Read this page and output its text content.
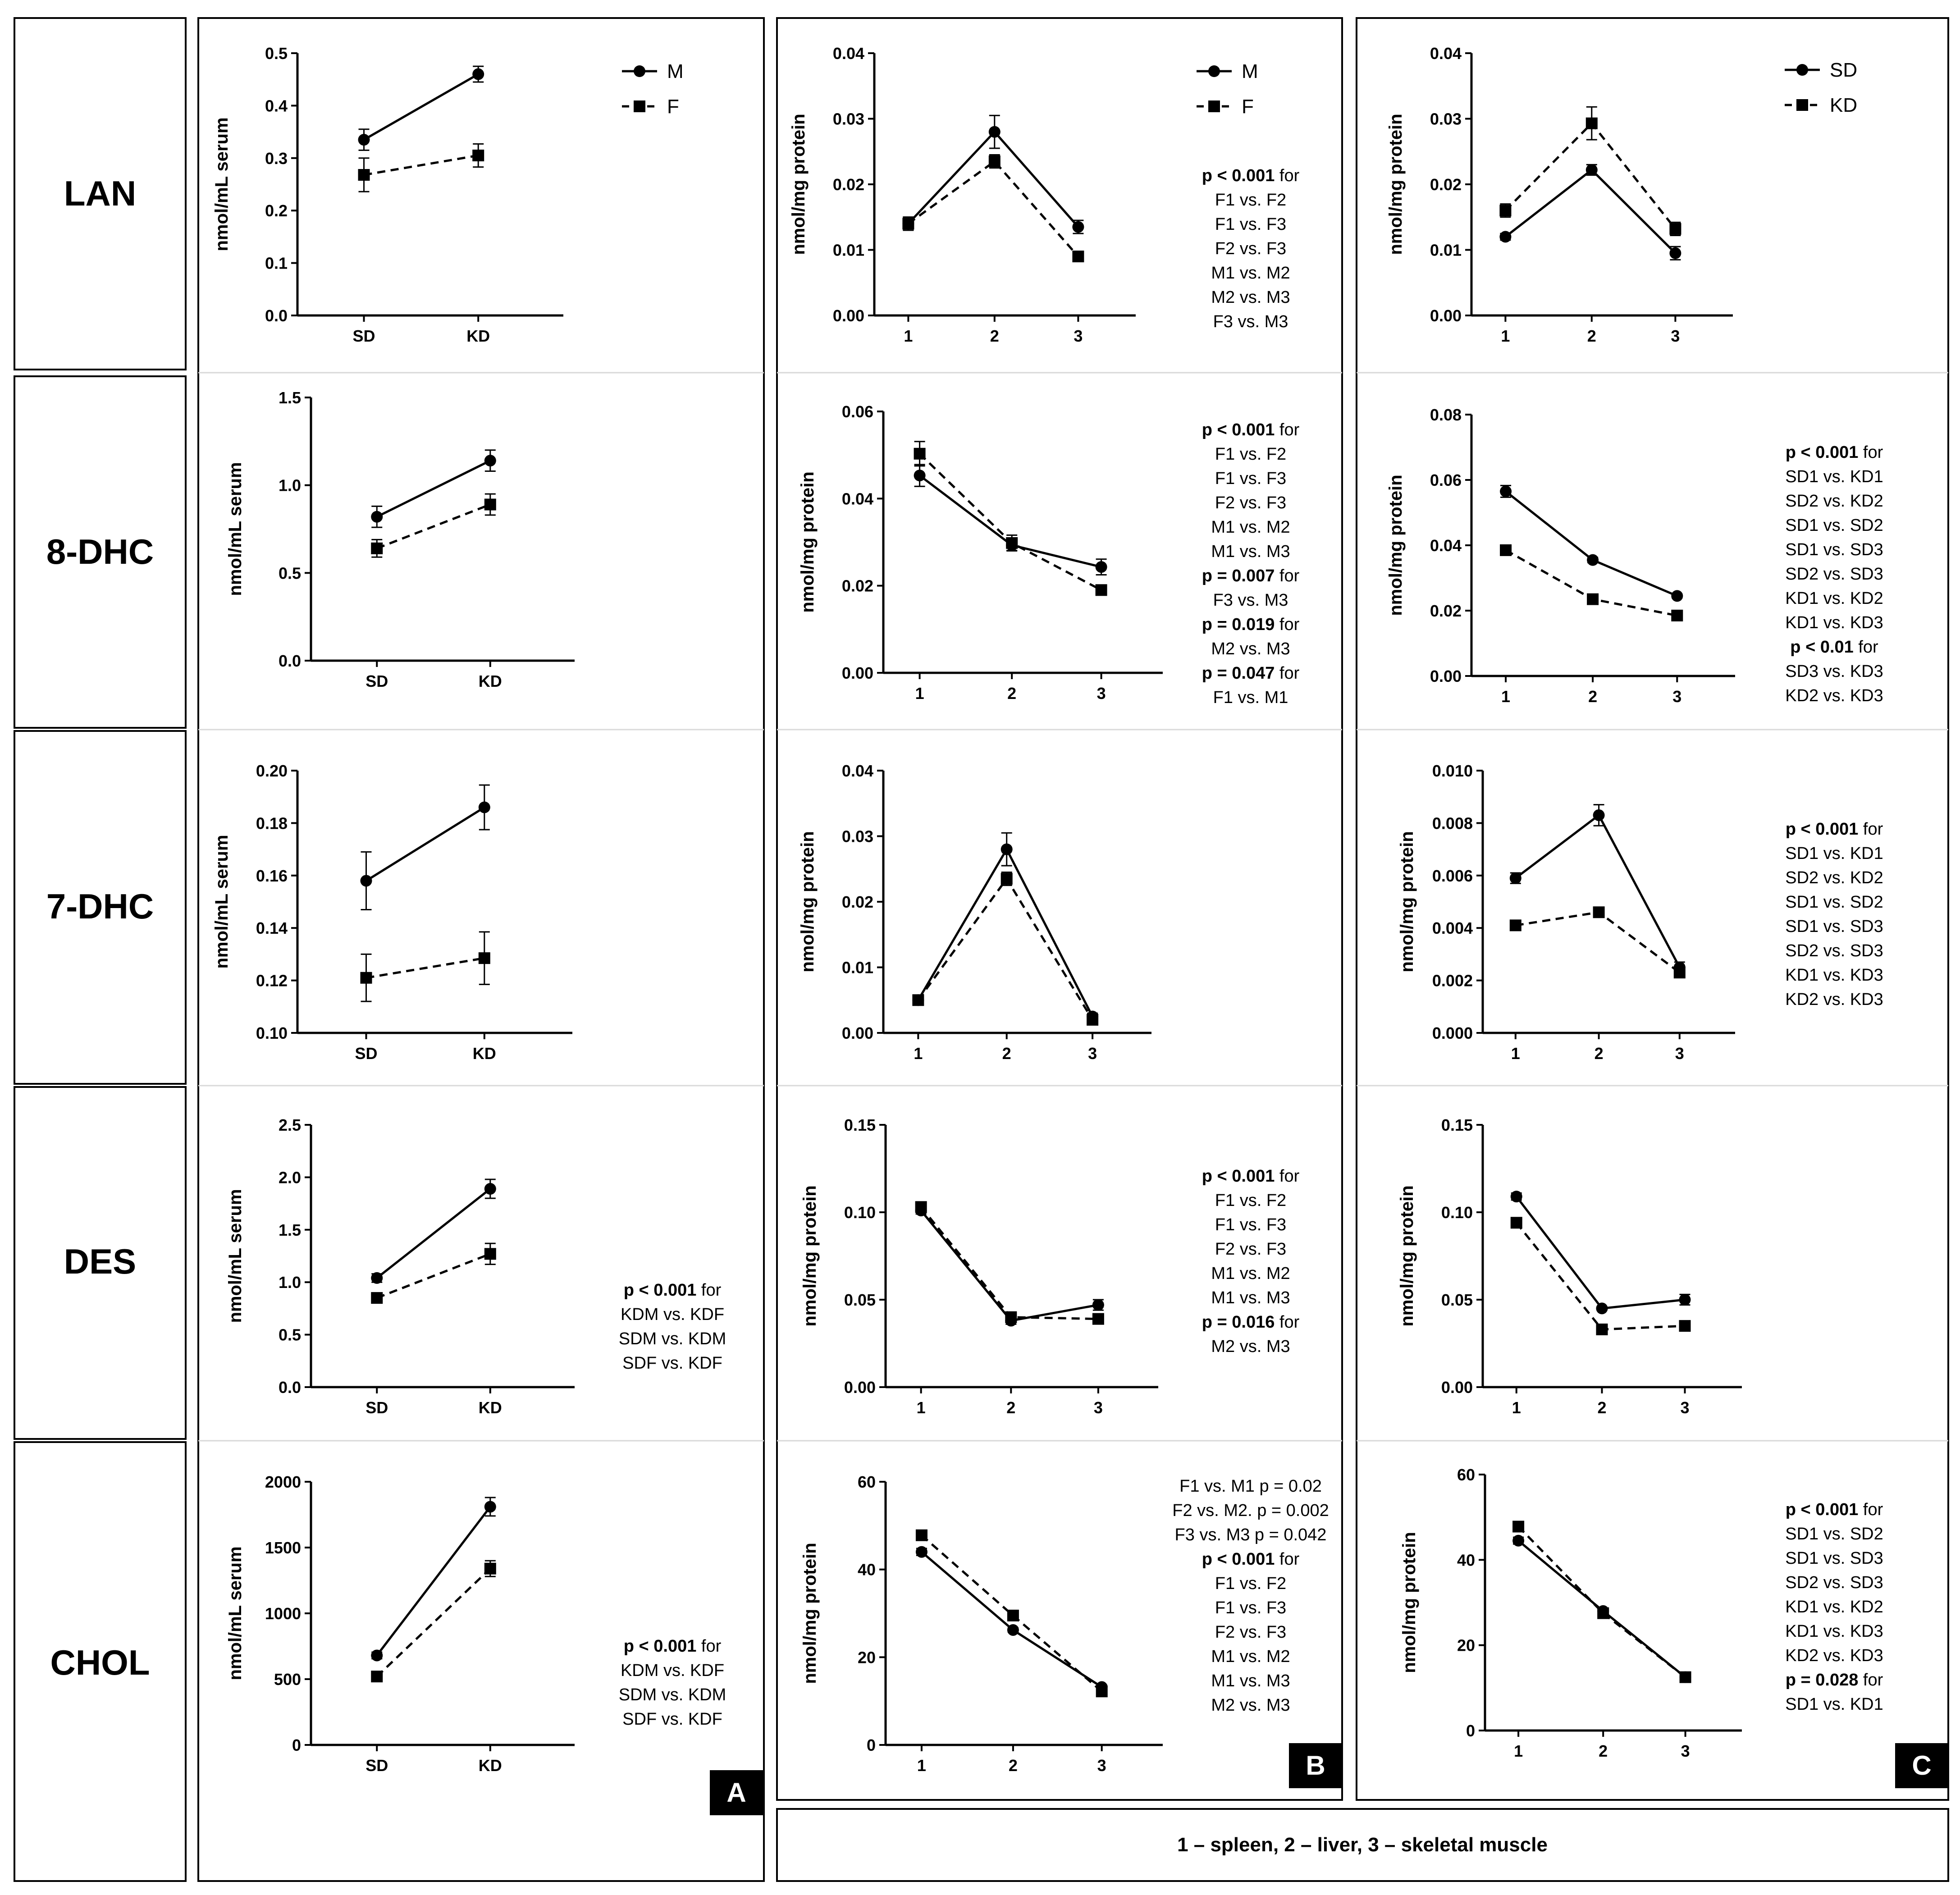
LAN
8-DHC
7-DHC
DES
CHOL
0.0
0.1
0.2
0.3
0.4
0.5
SD	KD
nmol/mL serum
M
F
0.00
0.01
0.02
0.03
0.04
1	2	3
nmol/mg protein
M
F
p < 0.001 for
F1 vs. F2
F1 vs. F3
F2 vs. F3
M1 vs. M2
M2 vs. M3
F3 vs. M3	0.00
0.01
0.02
0.03
0.04
1	2	3
nmol/mg protein
SD
KD
0.0
0.5
1.0
1.5
SD	KD
nmol/mL serum
0.00
0.02
0.04
0.06
1	2	3
nmol/mg protein
p < 0.001 for
F1 vs. F2
F1 vs. F3
F2 vs. F3
M1 vs. M2
M1 vs. M3
p = 0.007 for
F3 vs. M3
p = 0.019 for
M2 vs. M3
p = 0.047 for
F1 vs. M1
0.00
0.02
0.04
0.06
0.08
1	2	3
nmol/mg protein
p < 0.001 for
SD1 vs. KD1
SD2 vs. KD2
SD1 vs. SD2
SD1 vs. SD3
SD2 vs. SD3
KD1 vs. KD2
KD1 vs. KD3
p < 0.01 for
SD3 vs. KD3
KD2 vs. KD3
0.10
0.12
0.14
0.16
0.18
0.20
SD	KD
nmol/mL serum
0.00
0.01
0.02
0.03
0.04
1	2	3
nmol/mg protein
0.000
0.002
0.004
0.006
0.008
0.010
1	2	3
nmol/mg protein
p < 0.001 for
SD1 vs. KD1
SD2 vs. KD2
SD1 vs. SD2
SD1 vs. SD3
SD2 vs. SD3
KD1 vs. KD3
KD2 vs. KD3
0.0
0.5
1.0
1.5
2.0
2.5
SD	KD
nmol/mL serum	p < 0.001 for
KDM vs. KDF
SDM vs. KDM
SDF vs. KDF
0.00
0.05
0.10
0.15
1	2	3
nmol/mg protein
p < 0.001 for
F1 vs. F2
F1 vs. F3
F2 vs. F3
M1 vs. M2
M1 vs. M3
p = 0.016 for
M2 vs. M3
0.00
0.05
0.10
0.15
1	2	3
nmol/mg protein
0
500
1000
1500
2000
SD	KD
nmol/mL serum	p < 0.001 for
KDM vs. KDF
SDM vs. KDM
SDF vs. KDF
0
20
40
60
1	2	3
nmol/mg protein
F1 vs. M1 p = 0.02
F2 vs. M2. p = 0.002
F3 vs. M3 p = 0.042
p < 0.001 for
F1 vs. F2
F1 vs. F3
F2 vs. F3
M1 vs. M2
M1 vs. M3
M2 vs. M3
0
20
40
60
1	2	3
nmol/mg protein
p < 0.001 for
SD1 vs. SD2
SD1 vs. SD3
SD2 vs. SD3
KD1 vs. KD2
KD1 vs. KD3
KD2 vs. KD3
p = 0.028 for
SD1 vs. KD1
A
B	C
1 – spleen, 2 – liver, 3 – skeletal muscle
